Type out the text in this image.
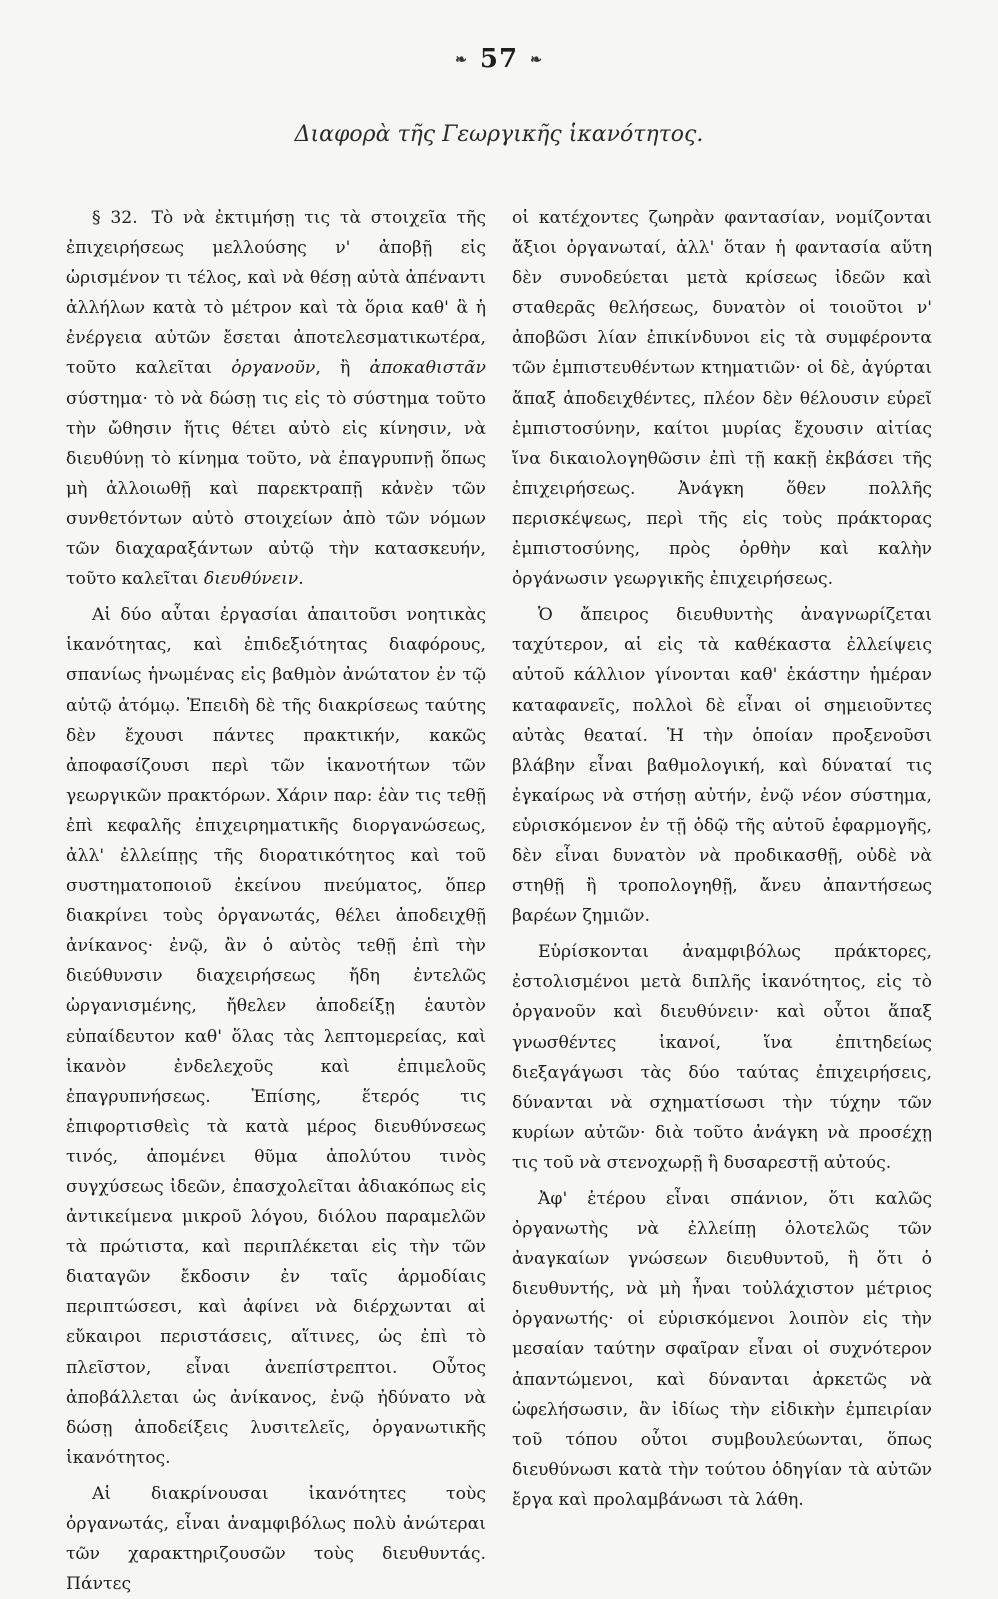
❧ 57 ❧
Διαφορὰ τῆς Γεωργικῆς ἱκανότητος.

§ 32. Τὸ νὰ ἐκτιμήσῃ τις τὰ στοιχεῖα τῆς ἐπιχειρήσεως μελλούσης ν' ἀποβῇ εἰς ὡρισμένον τι τέλος, καὶ νὰ θέσῃ αὐτὰ ἀπέναντι ἀλλήλων κατὰ τὸ μέτρον καὶ τὰ ὅρια καθ' ἃ ἡ ἐνέργεια αὐτῶν ἔσεται ἀποτελεσματικωτέρα, τοῦτο καλεῖται ὀργανοῦν, ἢ ἀποκαθιστᾶν σύστημα· τὸ νὰ δώσῃ τις εἰς τὸ σύστημα τοῦτο τὴν ὤθησιν ἥτις θέτει αὐτὸ εἰς κίνησιν, νὰ διευθύνῃ τὸ κίνημα τοῦτο, νὰ ἐπαγρυπνῇ ὅπως μὴ ἀλλοιωθῇ καὶ παρεκτραπῇ κἀνὲν τῶν συνθετόντων αὐτὸ στοιχείων ἀπὸ τῶν νόμων τῶν διαχαραξάντων αὐτῷ τὴν κατασκευήν, τοῦτο καλεῖται διευθύνειν.

Αἱ δύο αὗται ἐργασίαι ἀπαιτοῦσι νοητικὰς ἱκανότητας, καὶ ἐπιδεξιότητας διαφόρους, σπανίως ἡνωμένας εἰς βαθμὸν ἀνώτατον ἐν τῷ αὐτῷ ἀτόμῳ. Ἐπειδὴ δὲ τῆς διακρίσεως ταύτης δὲν ἔχουσι πάντες πρακτικήν, κακῶς ἀποφασίζουσι περὶ τῶν ἱκανοτήτων τῶν γεωργικῶν πρακτόρων. Χάριν παρ: ἐὰν τις τεθῇ ἐπὶ κεφαλῆς ἐπιχειρηματικῆς διοργανώσεως, ἀλλ' ἐλλείπῃς τῆς διορατικότητος καὶ τοῦ συστηματοποιοῦ ἐκείνου πνεύματος, ὅπερ διακρίνει τοὺς ὀργανωτάς, θέλει ἀποδειχθῇ ἀνίκανος· ἐνῷ, ἂν ὁ αὐτὸς τεθῇ ἐπὶ τὴν διεύθυνσιν διαχειρήσεως ἤδη ἐντελῶς ὠργανισμένης, ἤθελεν ἀποδείξῃ ἑαυτὸν εὐπαίδευτον καθ' ὅλας τὰς λεπτομερείας, καὶ ἱκανὸν ἐνδελεχοῦς καὶ ἐπιμελοῦς ἐπαγρυπνήσεως. Ἐπίσης, ἕτερός τις ἐπιφορτισθεὶς τὰ κατὰ μέρος διευθύνσεως τινός, ἀπομένει θῦμα ἀπολύτου τινὸς συγχύσεως ἰδεῶν, ἐπασχολεῖται ἀδιακόπως εἰς ἀντικείμενα μικροῦ λόγου, διόλου παραμελῶν τὰ πρώτιστα, καὶ περιπλέκεται εἰς τὴν τῶν διαταγῶν ἔκδοσιν ἐν ταῖς ἁρμοδίαις περιπτώσεσι, καὶ ἀφίνει νὰ διέρχωνται αἱ εὔκαιροι περιστάσεις, αἵτινες, ὡς ἐπὶ τὸ πλεῖστον, εἶναι ἀνεπίστρεπτοι. Οὗτος ἀποβάλλεται ὡς ἀνίκανος, ἐνῷ ἠδύνατο νὰ δώσῃ ἀποδείξεις λυσιτελεῖς, ὀργανωτικῆς ἱκανότητος.

Αἱ διακρίνουσαι ἱκανότητες τοὺς ὀργανωτάς, εἶναι ἀναμφιβόλως πολὺ ἀνώτεραι τῶν χαρακτηριζουσῶν τοὺς διευθυντάς. Πάντες

οἱ κατέχοντες ζωηρὰν φαντασίαν, νομίζονται ἄξιοι ὀργανωταί, ἀλλ' ὅταν ἡ φαντασία αὕτη δὲν συνοδεύεται μετὰ κρίσεως ἰδεῶν καὶ σταθερᾶς θελήσεως, δυνατὸν οἱ τοιοῦτοι ν' ἀποβῶσι λίαν ἐπικίνδυνοι εἰς τὰ συμφέροντα τῶν ἐμπιστευθέντων κτηματιῶν· οἱ δὲ, ἀγύρται ἅπαξ ἀποδειχθέντες, πλέον δὲν θέλουσιν εὑρεῖ ἐμπιστοσύνην, καίτοι μυρίας ἔχουσιν αἰτίας ἵνα δικαιολογηθῶσιν ἐπὶ τῇ κακῇ ἐκβάσει τῆς ἐπιχειρήσεως. Ἀνάγκη ὅθεν πολλῆς περισκέψεως, περὶ τῆς εἰς τοὺς πράκτορας ἐμπιστοσύνης, πρὸς ὀρθὴν καὶ καλὴν ὀργάνωσιν γεωργικῆς ἐπιχειρήσεως.

Ὁ ἄπειρος διευθυντὴς ἀναγνωρίζεται ταχύτερον, αἱ εἰς τὰ καθέκαστα ἐλλείψεις αὐτοῦ κάλλιον γίνονται καθ' ἑκάστην ἡμέραν καταφανεῖς, πολλοὶ δὲ εἶναι οἱ σημειοῦντες αὐτὰς θεαταί. Ἡ τὴν ὁποίαν προξενοῦσι βλάβην εἶναι βαθμολογική, καὶ δύναταί τις ἐγκαίρως νὰ στήσῃ αὐτήν, ἐνῷ νέον σύστημα, εὑρισκόμενον ἐν τῇ ὁδῷ τῆς αὐτοῦ ἐφαρμογῆς, δὲν εἶναι δυνατὸν νὰ προδικασθῇ, οὐδὲ νὰ στηθῇ ἢ τροπολογηθῇ, ἄνευ ἀπαντήσεως βαρέων ζημιῶν.

Εὑρίσκονται ἀναμφιβόλως πράκτορες, ἐστολισμένοι μετὰ διπλῆς ἱκανότητος, εἰς τὸ ὀργανοῦν καὶ διευθύνειν· καὶ οὗτοι ἅπαξ γνωσθέντες ἱκανοί, ἵνα ἐπιτηδείως διεξαγάγωσι τὰς δύο ταύτας ἐπιχειρήσεις, δύνανται νὰ σχηματίσωσι τὴν τύχην τῶν κυρίων αὐτῶν· διὰ τοῦτο ἀνάγκη νὰ προσέχῃ τις τοῦ νὰ στενοχωρῇ ἢ δυσαρεστῇ αὐτούς.

Ἀφ' ἑτέρου εἶναι σπάνιον, ὅτι καλῶς ὀργανωτὴς νὰ ἐλλείπῃ ὁλοτελῶς τῶν ἀναγκαίων γνώσεων διευθυντοῦ, ἢ ὅτι ὁ διευθυντής, νὰ μὴ ἦναι τοὐλάχιστον μέτριος ὀργανωτής· οἱ εὑρισκόμενοι λοιπὸν εἰς τὴν μεσαίαν ταύτην σφαῖραν εἶναι οἱ συχνότερον ἀπαντώμενοι, καὶ δύνανται ἀρκετῶς νὰ ὠφελήσωσιν, ἂν ἰδίως τὴν εἰδικὴν ἐμπειρίαν τοῦ τόπου οὗτοι συμβουλεύωνται, ὅπως διευθύνωσι κατὰ τὴν τούτου ὁδηγίαν τὰ αὐτῶν ἔργα καὶ προλαμβάνωσι τὰ λάθη.
